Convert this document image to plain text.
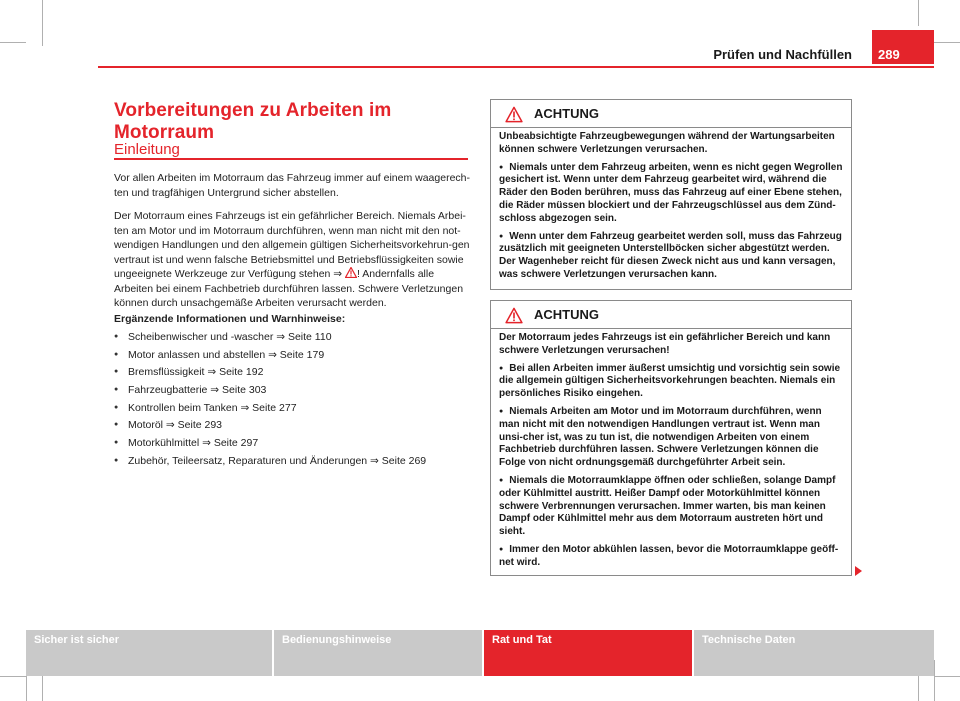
Prüfen und Nachfüllen 289
Vorbereitungen zu Arbeiten im Motorraum
Einleitung

Vor allen Arbeiten im Motorraum das Fahrzeug immer auf einem waagerech-ten und tragfähigen Untergrund sicher abstellen.

Der Motorraum eines Fahrzeugs ist ein gefährlicher Bereich. Niemals Arbei-ten am Motor und im Motorraum durchführen, wenn man nicht mit den not-wendigen Handlungen und den allgemein gültigen Sicherheitsvorkehrun-gen vertraut ist und wenn falsche Betriebsmittel und Betriebsflüssigkeiten sowie ungeeignete Werkzeuge zur Verfügung stehen ⇒ ! Andernfalls alle Arbeiten bei einem Fachbetrieb durchführen lassen. Schwere Verletzungen können durch unsachgemäße Arbeiten verursacht werden.

Ergänzende Informationen und Warnhinweise:

● Scheibenwischer und -wascher ⇒ Seite 110
● Motor anlassen und abstellen ⇒ Seite 179
● Bremsflüssigkeit ⇒ Seite 192
● Fahrzeugbatterie ⇒ Seite 303
● Kontrollen beim Tanken ⇒ Seite 277
● Motoröl ⇒ Seite 293
● Motorkühlmittel ⇒ Seite 297
● Zubehör, Teileersatz, Reparaturen und Änderungen ⇒ Seite 269
ACHTUNG

Unbeabsichtigte Fahrzeugbewegungen während der Wartungsarbeiten können schwere Verletzungen verursachen.

● Niemals unter dem Fahrzeug arbeiten, wenn es nicht gegen Wegrollen gesichert ist. Wenn unter dem Fahrzeug gearbeitet wird, während die Räder den Boden berühren, muss das Fahrzeug auf einer Ebene stehen, die Räder müssen blockiert und der Fahrzeugschlüssel aus dem Zünd-schloss abgezogen sein.

● Wenn unter dem Fahrzeug gearbeitet werden soll, muss das Fahrzeug zusätzlich mit geeigneten Unterstellböcken sicher abgestützt werden. Der Wagenheber reicht für diesen Zweck nicht aus und kann versagen, was schwere Verletzungen verursachen kann.

ACHTUNG

Der Motorraum jedes Fahrzeugs ist ein gefährlicher Bereich und kann schwere Verletzungen verursachen!

● Bei allen Arbeiten immer äußerst umsichtig und vorsichtig sein sowie die allgemein gültigen Sicherheitsvorkehrungen beachten. Niemals ein persönliches Risiko eingehen.

● Niemals Arbeiten am Motor und im Motorraum durchführen, wenn man nicht mit den notwendigen Handlungen vertraut ist. Wenn man unsi-cher ist, was zu tun ist, die notwendigen Arbeiten von einem Fachbetrieb durchführen lassen. Schwere Verletzungen können die Folge von nicht ordnungsgemäß durchgeführter Arbeit sein.

● Niemals die Motorraumklappe öffnen oder schließen, solange Dampf oder Kühlmittel austritt. Heißer Dampf oder Motorkühlmittel können schwere Verbrennungen verursachen. Immer warten, bis man keinen Dampf oder Kühlmittel mehr aus dem Motorraum austreten hört und sieht.

● Immer den Motor abkühlen lassen, bevor die Motorraumklappe geöff-net wird.

Sicher ist sicher	Bedienungshinweise	Rat und Tat	Technische Daten
